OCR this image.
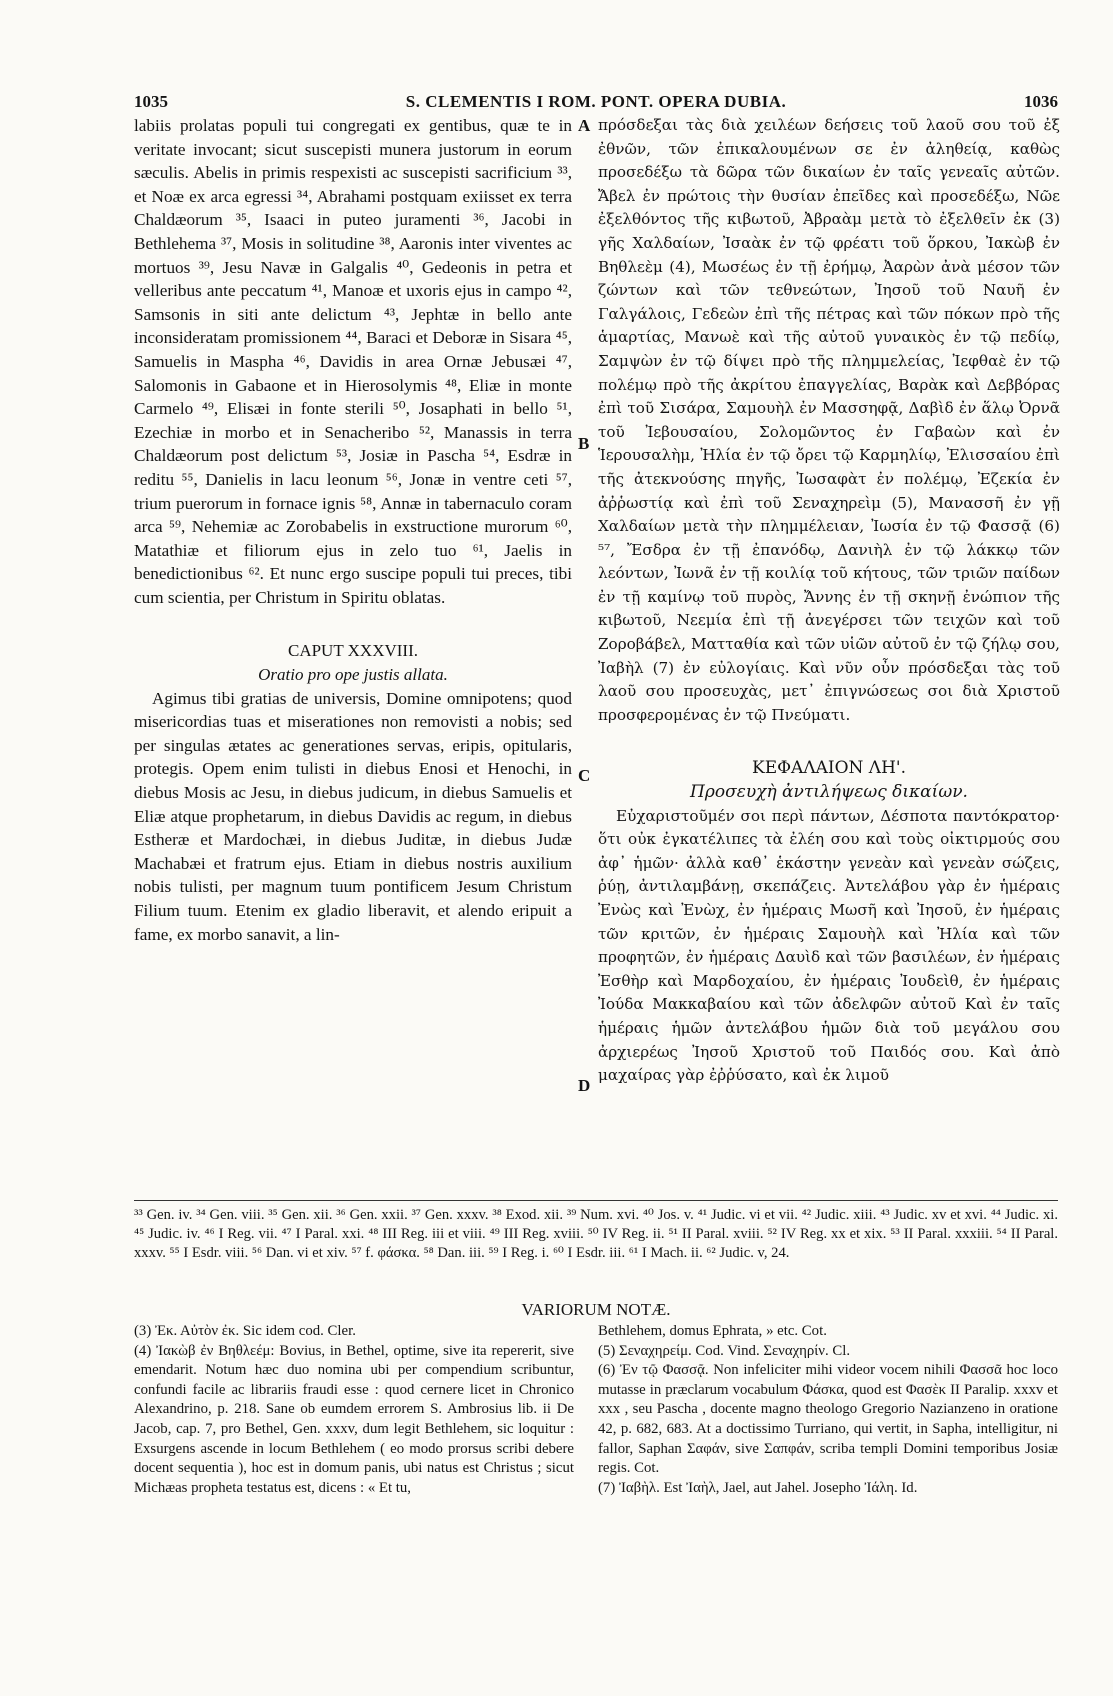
1035	S. CLEMENTIS I ROM. PONT. OPERA DUBIA.	1036
A
B
C
D

labiis prolatas populi tui congregati ex gentibus, quæ te in veritate invocant; sicut suscepisti munera justorum in eorum sæculis. Abelis in primis respexisti ac suscepisti sacrificium ³³, et Noæ ex arca egressi ³⁴, Abrahami postquam exiisset ex terra Chaldæorum ³⁵, Isaaci in puteo juramenti ³⁶, Jacobi in Bethlehema ³⁷, Mosis in solitudine ³⁸, Aaronis inter viventes ac mortuos ³⁹, Jesu Navæ in Galgalis ⁴⁰, Gedeonis in petra et velleribus ante peccatum ⁴¹, Manoæ et uxoris ejus in campo ⁴², Samsonis in siti ante delictum ⁴³, Jephtæ in bello ante inconsideratam promissionem ⁴⁴, Baraci et Deboræ in Sisara ⁴⁵, Samuelis in Maspha ⁴⁶, Davidis in area Ornæ Jebusæi ⁴⁷, Salomonis in Gabaone et in Hierosolymis ⁴⁸, Eliæ in monte Carmelo ⁴⁹, Elisæi in fonte sterili ⁵⁰, Josaphati in bello ⁵¹, Ezechiæ in morbo et in Senacheribo ⁵², Manassis in terra Chaldæorum post delictum ⁵³, Josiæ in Pascha ⁵⁴, Esdræ in reditu ⁵⁵, Danielis in lacu leonum ⁵⁶, Jonæ in ventre ceti ⁵⁷, trium puerorum in fornace ignis ⁵⁸, Annæ in tabernaculo coram arca ⁵⁹, Nehemiæ ac Zorobabelis in exstructione murorum ⁶⁰, Matathiæ et filiorum ejus in zelo tuo ⁶¹, Jaelis in benedictionibus ⁶². Et nunc ergo suscipe populi tui preces, tibi cum scientia, per Christum in Spiritu oblatas.

CAPUT XXXVIII.

Oratio pro ope justis allata.

Agimus tibi gratias de universis, Domine omnipotens; quod misericordias tuas et miserationes non removisti a nobis; sed per singulas ætates ac generationes servas, eripis, opitularis, protegis. Opem enim tulisti in diebus Enosi et Henochi, in diebus Mosis ac Jesu, in diebus judicum, in diebus Samuelis et Eliæ atque prophetarum, in diebus Davidis ac regum, in diebus Estheræ et Mardochæi, in diebus Juditæ, in diebus Judæ Machabæi et fratrum ejus. Etiam in diebus nostris auxilium nobis tulisti, per magnum tuum pontificem Jesum Christum Filium tuum. Etenim ex gladio liberavit, et alendo eripuit a fame, ex morbo sanavit, a lin-

πρόσδεξαι τὰς διὰ χειλέων δεήσεις τοῦ λαοῦ σου τοῦ ἐξ ἐθνῶν, τῶν ἐπικαλουμένων σε ἐν ἀληθείᾳ, καθὼς προσεδέξω τὰ δῶρα τῶν δικαίων ἐν ταῖς γενεαῖς αὐτῶν. Ἄβελ ἐν πρώτοις τὴν θυσίαν ἐπεῖδες καὶ προσεδέξω, Νῶε ἐξελθόντος τῆς κιβωτοῦ, Ἀβραὰμ μετὰ τὸ ἐξελθεῖν ἐκ (3) γῆς Χαλδαίων, Ἰσαὰκ ἐν τῷ φρέατι τοῦ ὅρκου, Ἰακὼβ ἐν Βηθλεὲμ (4), Μωσέως ἐν τῇ ἐρήμῳ, Ἀαρὼν ἀνὰ μέσον τῶν ζώντων καὶ τῶν τεθνεώτων, Ἰησοῦ τοῦ Ναυῆ ἐν Γαλγάλοις, Γεδεὼν ἐπὶ τῆς πέτρας καὶ τῶν πόκων πρὸ τῆς ἁμαρτίας, Μανωὲ καὶ τῆς αὐτοῦ γυναικὸς ἐν τῷ πεδίῳ, Σαμψὼν ἐν τῷ δίψει πρὸ τῆς πλημμελείας, Ἰεφθαὲ ἐν τῷ πολέμῳ πρὸ τῆς ἀκρίτου ἐπαγγελίας, Βαρὰκ καὶ Δεββόρας ἐπὶ τοῦ Σισάρα, Σαμουὴλ ἐν Μασσηφᾷ, Δαβὶδ ἐν ἅλῳ Ὀρνᾶ τοῦ Ἰεβουσαίου, Σολομῶντος ἐν Γαβαὼν καὶ ἐν Ἱερουσαλὴμ, Ἠλία ἐν τῷ ὄρει τῷ Καρμηλίῳ, Ἐλισσαίου ἐπὶ τῆς ἀτεκνούσης πηγῆς, Ἰωσαφὰτ ἐν πολέμῳ, Ἐζεκία ἐν ἀῤῥωστίᾳ καὶ ἐπὶ τοῦ Σεναχηρεὶμ (5), Μανασσῆ ἐν γῇ Χαλδαίων μετὰ τὴν πλημμέλειαν, Ἰωσία ἐν τῷ Φασσᾷ (6) ⁵⁷, Ἔσδρα ἐν τῇ ἐπανόδῳ, Δανιὴλ ἐν τῷ λάκκῳ τῶν λεόντων, Ἰωνᾶ ἐν τῇ κοιλίᾳ τοῦ κήτους, τῶν τριῶν παίδων ἐν τῇ καμίνῳ τοῦ πυρὸς, Ἄννης ἐν τῇ σκηνῇ ἐνώπιον τῆς κιβωτοῦ, Νεεμία ἐπὶ τῇ ἀνεγέρσει τῶν τειχῶν καὶ τοῦ Ζοροβάβελ, Ματταθία καὶ τῶν υἱῶν αὐτοῦ ἐν τῷ ζήλῳ σου, Ἰαβὴλ (7) ἐν εὐλογίαις. Καὶ νῦν οὖν πρόσδεξαι τὰς τοῦ λαοῦ σου προσευχὰς, μετ᾽ ἐπιγνώσεως σοι διὰ Χριστοῦ προσφερομένας ἐν τῷ Πνεύματι.

ΚΕΦΑΛΑΙΟΝ ΛΗ'.

Προσευχὴ ἀντιλήψεως δικαίων.

Εὐχαριστοῦμέν σοι περὶ πάντων, Δέσποτα παντόκρατορ· ὅτι οὐκ ἐγκατέλιπες τὰ ἐλέη σου καὶ τοὺς οἰκτιρμούς σου ἀφ᾽ ἡμῶν· ἀλλὰ καθ᾽ ἑκάστην γενεὰν καὶ γενεὰν σώζεις, ῥύῃ, ἀντιλαμβάνῃ, σκεπάζεις. Ἀντελάβου γὰρ ἐν ἡμέραις Ἐνὼς καὶ Ἐνὼχ, ἐν ἡμέραις Μωσῆ καὶ Ἰησοῦ, ἐν ἡμέραις τῶν κριτῶν, ἐν ἡμέραις Σαμουὴλ καὶ Ἠλία καὶ τῶν προφητῶν, ἐν ἡμέραις Δαυὶδ καὶ τῶν βασιλέων, ἐν ἡμέραις Ἐσθὴρ καὶ Μαρδοχαίου, ἐν ἡμέραις Ἰουδεὶθ, ἐν ἡμέραις Ἰούδα Μακκαβαίου καὶ τῶν ἀδελφῶν αὐτοῦ Καὶ ἐν ταῖς ἡμέραις ἡμῶν ἀντελάβου ἡμῶν διὰ τοῦ μεγάλου σου ἀρχιερέως Ἰησοῦ Χριστοῦ τοῦ Παιδός σου. Καὶ ἀπὸ μαχαίρας γὰρ ἐῤῥύσατο, καὶ ἐκ λιμοῦ

³³ Gen. iv. ³⁴ Gen. viii. ³⁵ Gen. xii. ³⁶ Gen. xxii. ³⁷ Gen. xxxv. ³⁸ Exod. xii. ³⁹ Num. xvi. ⁴⁰ Jos. v. ⁴¹ Judic. vi et vii. ⁴² Judic. xiii. ⁴³ Judic. xv et xvi. ⁴⁴ Judic. xi. ⁴⁵ Judic. iv. ⁴⁶ I Reg. vii. ⁴⁷ I Paral. xxi. ⁴⁸ III Reg. iii et viii. ⁴⁹ III Reg. xviii. ⁵⁰ IV Reg. ii. ⁵¹ II Paral. xviii. ⁵² IV Reg. xx et xix. ⁵³ II Paral. xxxiii. ⁵⁴ II Paral. xxxv. ⁵⁵ I Esdr. viii. ⁵⁶ Dan. vi et xiv. ⁵⁷ f. φάσκα. ⁵⁸ Dan. iii. ⁵⁹ I Reg. i. ⁶⁰ I Esdr. iii. ⁶¹ I Mach. ii. ⁶² Judic. v, 24.

VARIORUM NOTÆ.

(3) Ἐκ. Αὐτὸν ἐκ. Sic idem cod. Cler.

(4) Ἰακὼβ ἐν Βηθλεέμ: Bovius, in Bethel, optime, sive ita repererit, sive emendarit. Notum hæc duo nomina ubi per compendium scribuntur, confundi facile ac librariis fraudi esse : quod cernere licet in Chronico Alexandrino, p. 218. Sane ob eumdem errorem S. Ambrosius lib. ii De Jacob, cap. 7, pro Bethel, Gen. xxxv, dum legit Bethlehem, sic loquitur : Exsurgens ascende in locum Bethlehem ( eo modo prorsus scribi debere docent sequentia ), hoc est in domum panis, ubi natus est Christus ; sicut Michæas propheta testatus est, dicens : « Et tu,

Bethlehem, domus Ephrata, » etc. Cot.

(5) Σεναχηρείμ. Cod. Vind. Σεναχηρίν. Cl.

(6) Ἐν τῷ Φασσᾷ. Non infeliciter mihi videor vocem nihili Φασσᾶ hoc loco mutasse in præclarum vocabulum Φάσκα, quod est Φασὲκ II Paralip. xxxv et xxx , seu Pascha , docente magno theologo Gregorio Nazianzeno in oratione 42, p. 682, 683. At a doctissimo Turriano, qui vertit, in Sapha, intelligitur, ni fallor, Saphan Σαφάν, sive Σαπφάν, scriba templi Domini temporibus Josiæ regis. Cot.

(7) Ἰαβὴλ. Est Ἰαὴλ, Jael, aut Jahel. Josepho Ἰάλη. Id.
